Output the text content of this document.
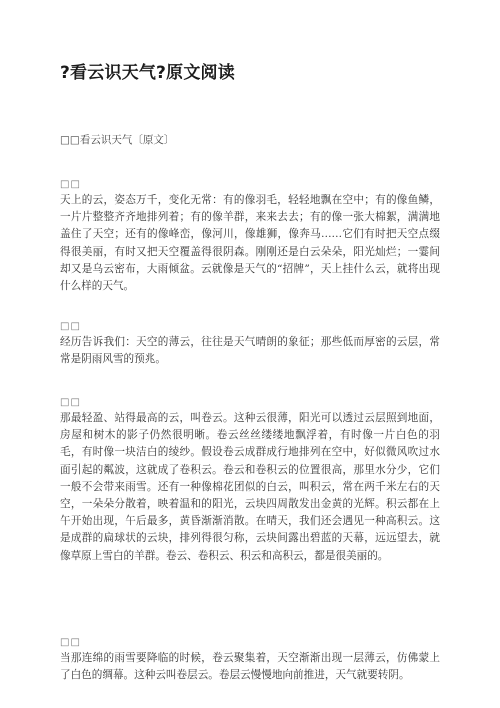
?看云识天气?原文阅读
□□看云识天气〔原文〕
□□
天上的云，姿态万千，变化无常：有的像羽毛，轻轻地飘在空中；有的像鱼鳞，一片片整整齐齐地排列着；有的像羊群，来来去去；有的像一张大棉絮，满满地盖住了天空；还有的像峰峦，像河川，像雄狮，像奔马……它们有时把天空点缀得很美丽，有时又把天空覆盖得很阴森。刚刚还是白云朵朵，阳光灿烂；一霎间却又是乌云密布，大雨倾盆。云就像是天气的“招牌”，天上挂什么云，就将出现什么样的天气。
□□
经历告诉我们：天空的薄云，往往是天气晴朗的象征；那些低而厚密的云层，常常是阴雨风雪的预兆。
□□
那最轻盈、站得最高的云，叫卷云。这种云很薄，阳光可以透过云层照到地面，房屋和树木的影子仍然很明晰。卷云丝丝缕缕地飘浮着，有时像一片白色的羽毛，有时像一块洁白的绫纱。假设卷云成群成行地排列在空中，好似微风吹过水面引起的粼波，这就成了卷积云。卷云和卷积云的位置很高，那里水分少，它们一般不会带来雨雪。还有一种像棉花团似的白云，叫积云，常在两千米左右的天空，一朵朵分散着，映着温和的阳光，云块四周散发出金黄的光辉。积云都在上午开始出现，午后最多，黄昏渐渐消散。在晴天，我们还会遇见一种高积云。这是成群的扁球状的云块，排列得很匀称，云块间露出碧蓝的天幕，远远望去，就像草原上雪白的羊群。卷云、卷积云、积云和高积云，都是很美丽的。
□□
当那连绵的雨雪要降临的时候，卷云聚集着，天空渐渐出现一层薄云，仿佛蒙上了白色的绸幕。这种云叫卷层云。卷层云慢慢地向前推进，天气就要转阴。
